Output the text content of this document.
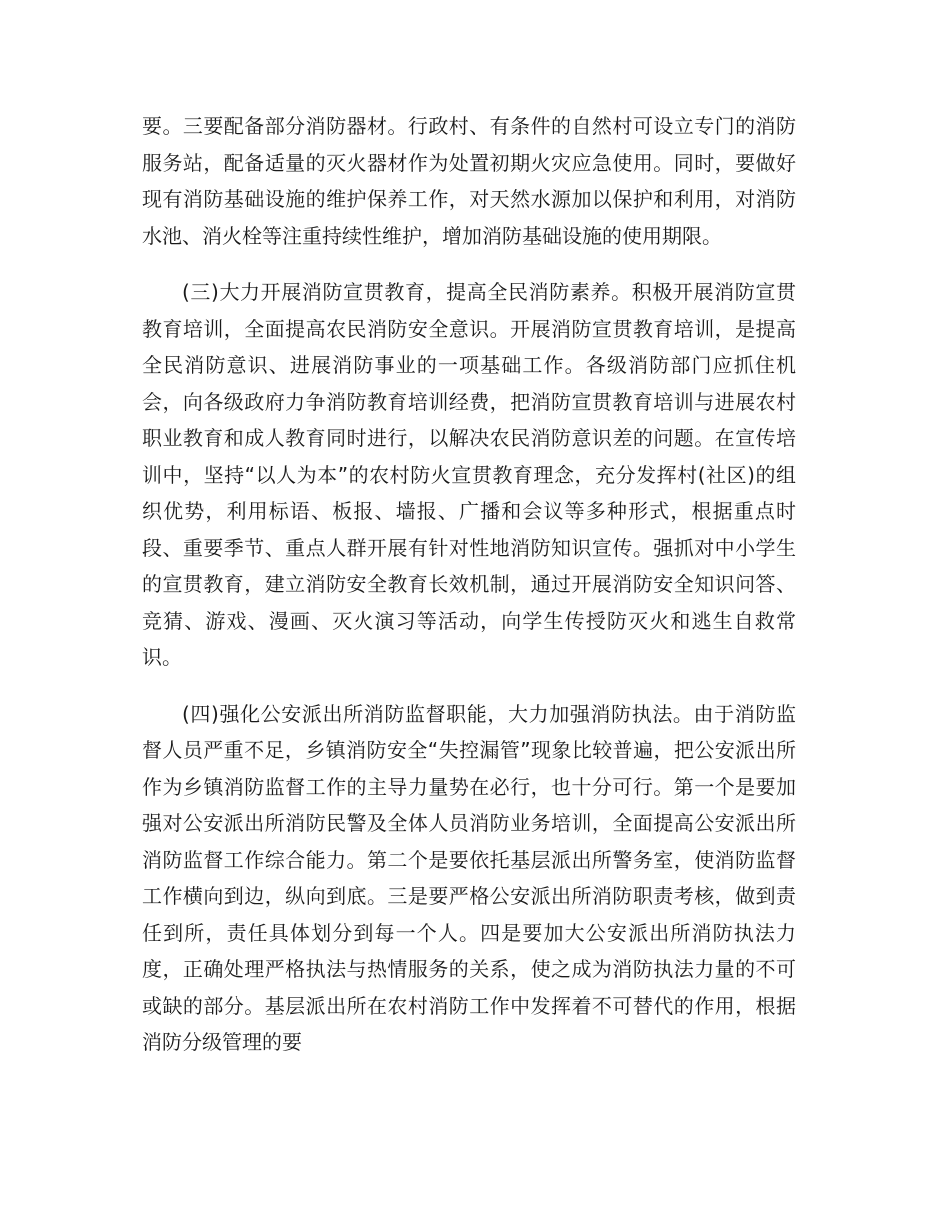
要。三要配备部分消防器材。行政村、有条件的自然村可设立专门的消防服务站，配备适量的灭火器材作为处置初期火灾应急使用。同时，要做好现有消防基础设施的维护保养工作，对天然水源加以保护和利用，对消防水池、消火栓等注重持续性维护，增加消防基础设施的使用期限。

(三)大力开展消防宣贯教育，提高全民消防素养。积极开展消防宣贯教育培训，全面提高农民消防安全意识。开展消防宣贯教育培训，是提高全民消防意识、进展消防事业的一项基础工作。各级消防部门应抓住机会，向各级政府力争消防教育培训经费，把消防宣贯教育培训与进展农村职业教育和成人教育同时进行，以解决农民消防意识差的问题。在宣传培训中，坚持“以人为本”的农村防火宣贯教育理念，充分发挥村(社区)的组织优势，利用标语、板报、墙报、广播和会议等多种形式，根据重点时段、重要季节、重点人群开展有针对性地消防知识宣传。强抓对中小学生的宣贯教育，建立消防安全教育长效机制，通过开展消防安全知识问答、竞猜、游戏、漫画、灭火演习等活动，向学生传授防灭火和逃生自救常识。

(四)强化公安派出所消防监督职能，大力加强消防执法。由于消防监督人员严重不足，乡镇消防安全“失控漏管”现象比较普遍，把公安派出所作为乡镇消防监督工作的主导力量势在必行，也十分可行。第一个是要加强对公安派出所消防民警及全体人员消防业务培训，全面提高公安派出所消防监督工作综合能力。第二个是要依托基层派出所警务室，使消防监督工作横向到边，纵向到底。三是要严格公安派出所消防职责考核，做到责任到所，责任具体划分到每一个人。四是要加大公安派出所消防执法力度，正确处理严格执法与热情服务的关系，使之成为消防执法力量的不可或缺的部分。基层派出所在农村消防工作中发挥着不可替代的作用，根据消防分级管理的要
